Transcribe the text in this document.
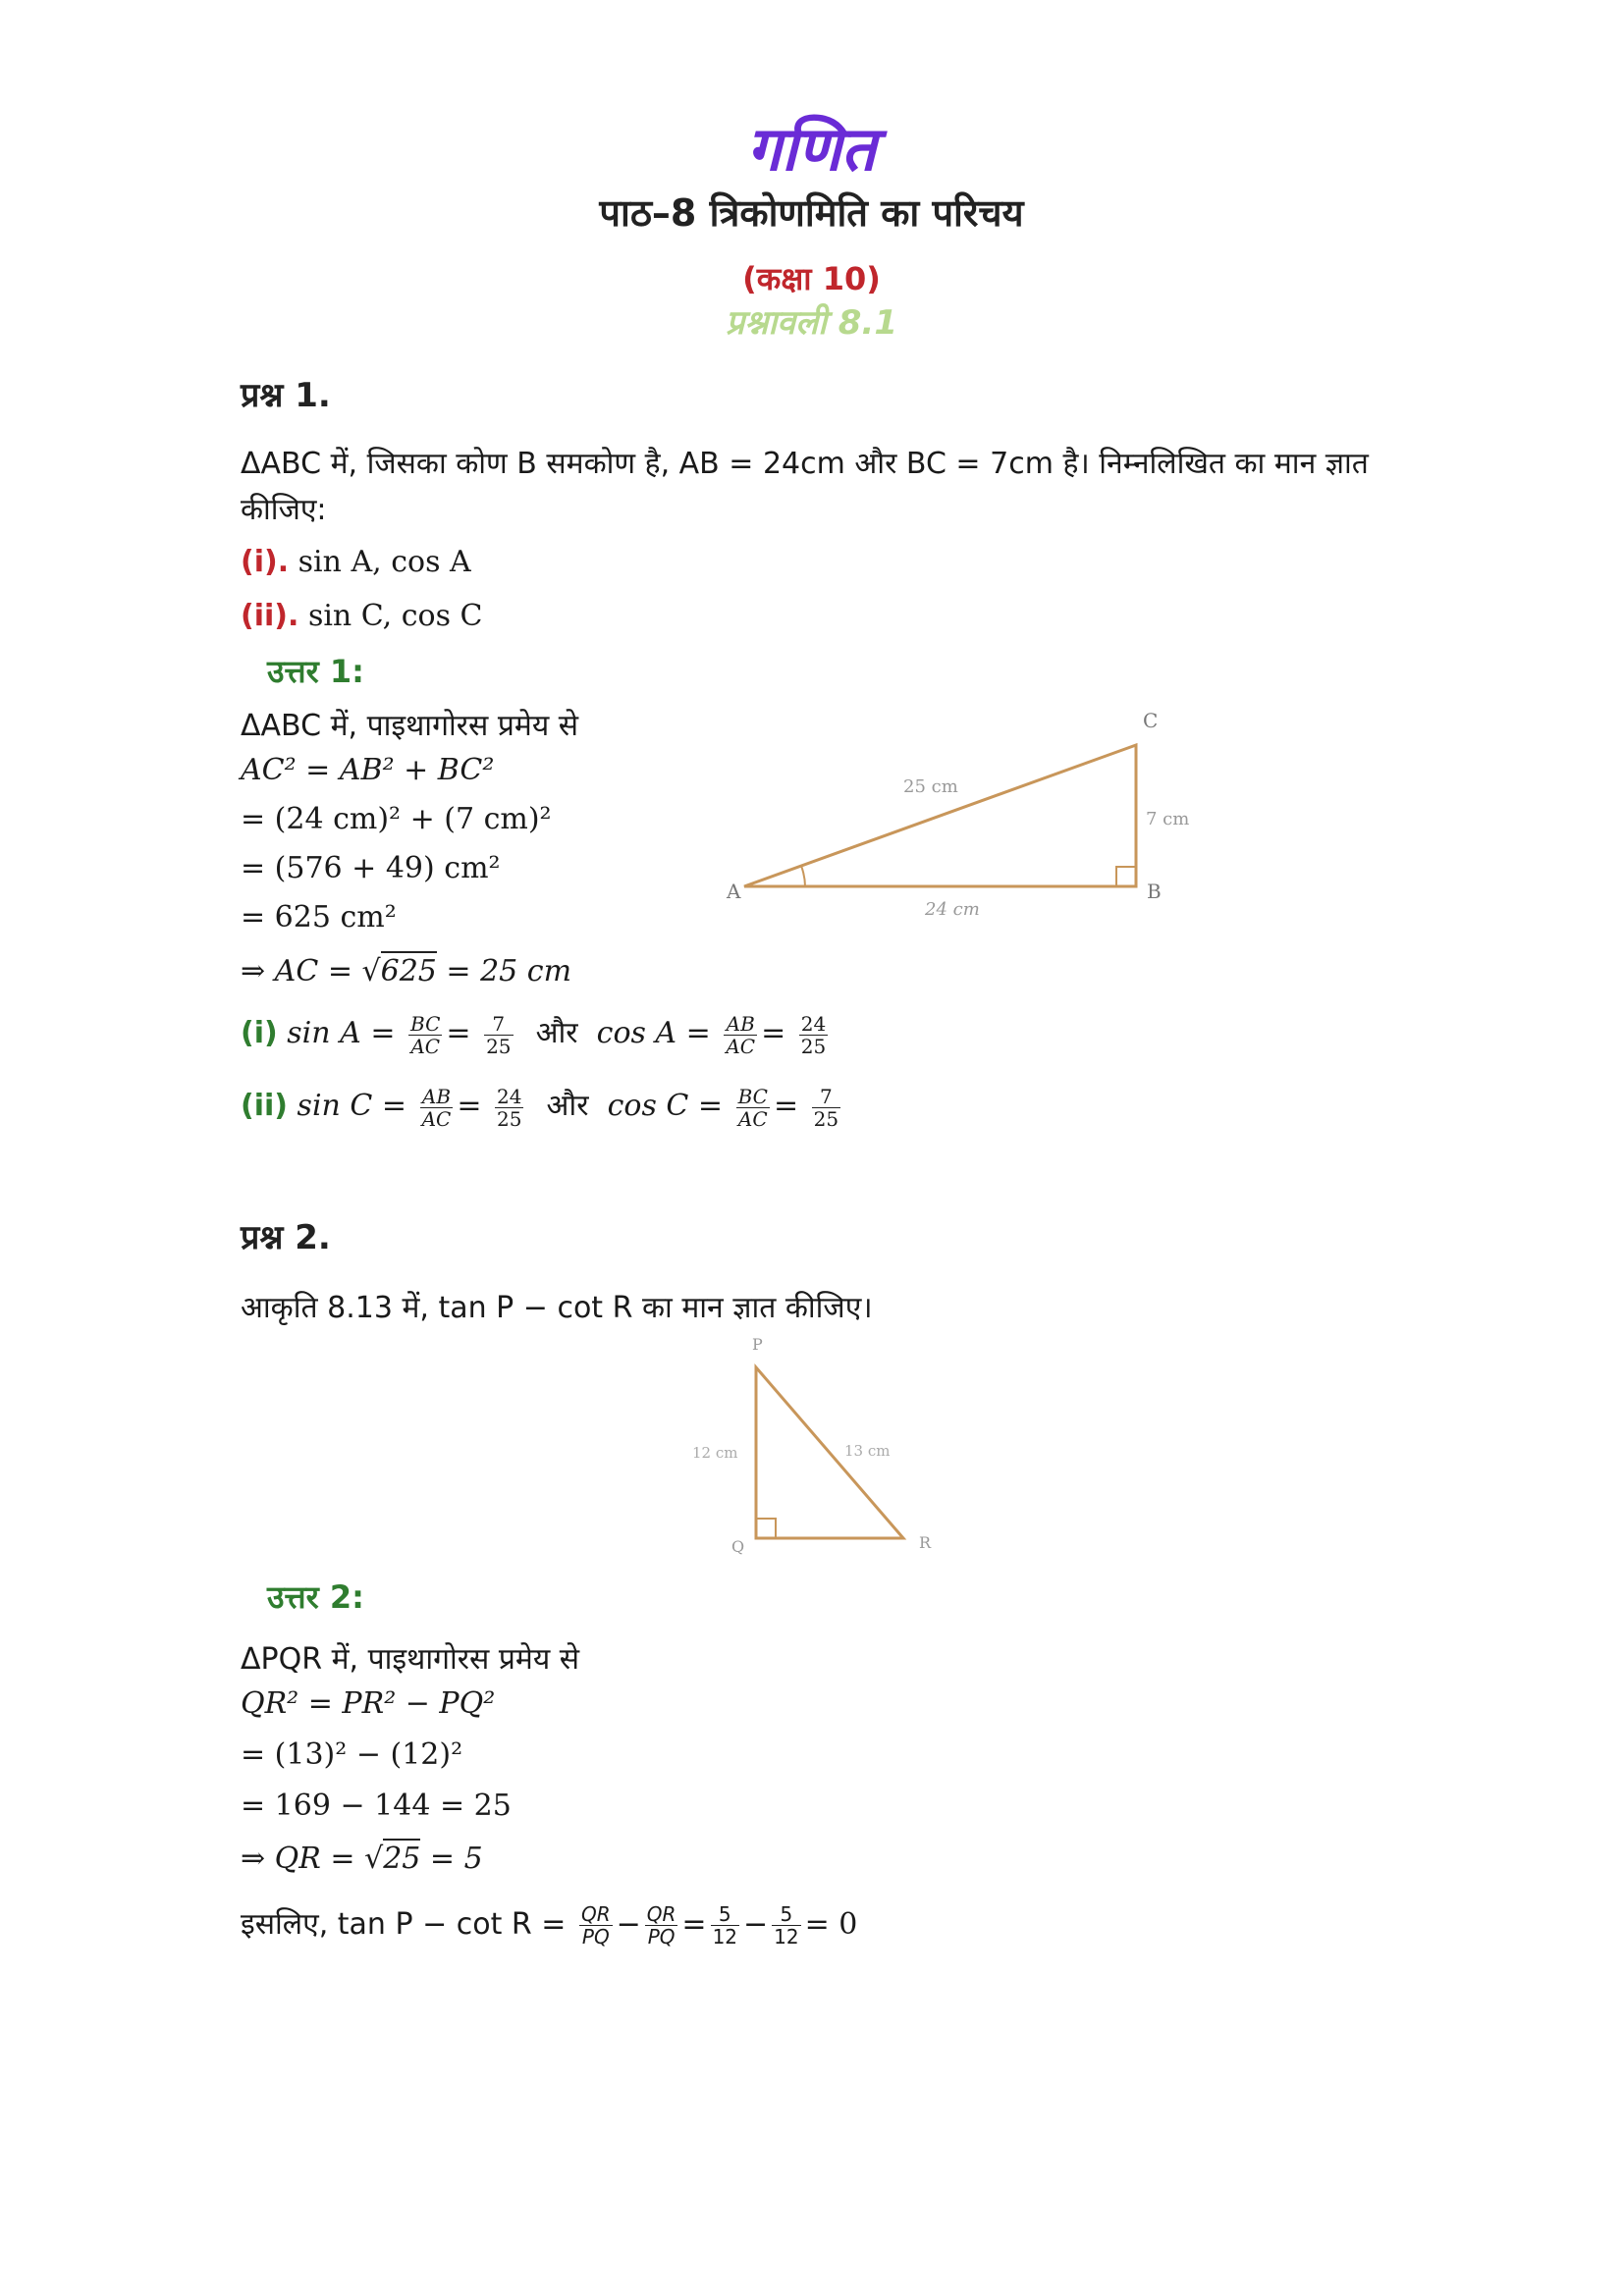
गणित
पाठ–8 त्रिकोणमिति का परिचय
(कक्षा 10)
प्रश्नावली 8.1
प्रश्न 1.
ΔABC में, जिसका कोण B समकोण है, AB = 24cm और BC = 7cm है। निम्नलिखित का मान ज्ञात
कीजिए:
(i). sin A, cos A
(ii). sin C, cos C
उत्तर 1:
ΔABC में, पाइथागोरस प्रमेय से
AC² = AB² + BC²
= (24 cm)² + (7 cm)²
= (576 + 49) cm²
= 625 cm²
⇒ AC = √625 = 25 cm
(i) $\sin A = \frac{BC}{AC} = \frac{7}{25}$ और $\cos A = \frac{AB}{AC} = \frac{24}{25}$
(ii) $\sin C = \frac{AB}{AC} = \frac{24}{25}$ और $\cos C = \frac{BC}{AC} = \frac{7}{25}$
A	B
C
25 cm
24 cm
7 cm
प्रश्न 2.
आकृति 8.13 में, tan P − cot R का मान ज्ञात कीजिए।
P
Q	R
12 cm	13 cm
उत्तर 2:
ΔPQR में, पाइथागोरस प्रमेय से
QR² = PR² − PQ²
= (13)² − (12)²
= 169 − 144 = 25
⇒ QR = √25 = 5
इसलिए, $\tan P - \cot R = \frac{QR}{PQ} - \frac{QR}{PQ} = \frac{5}{12} - \frac{5}{12} = 0$
